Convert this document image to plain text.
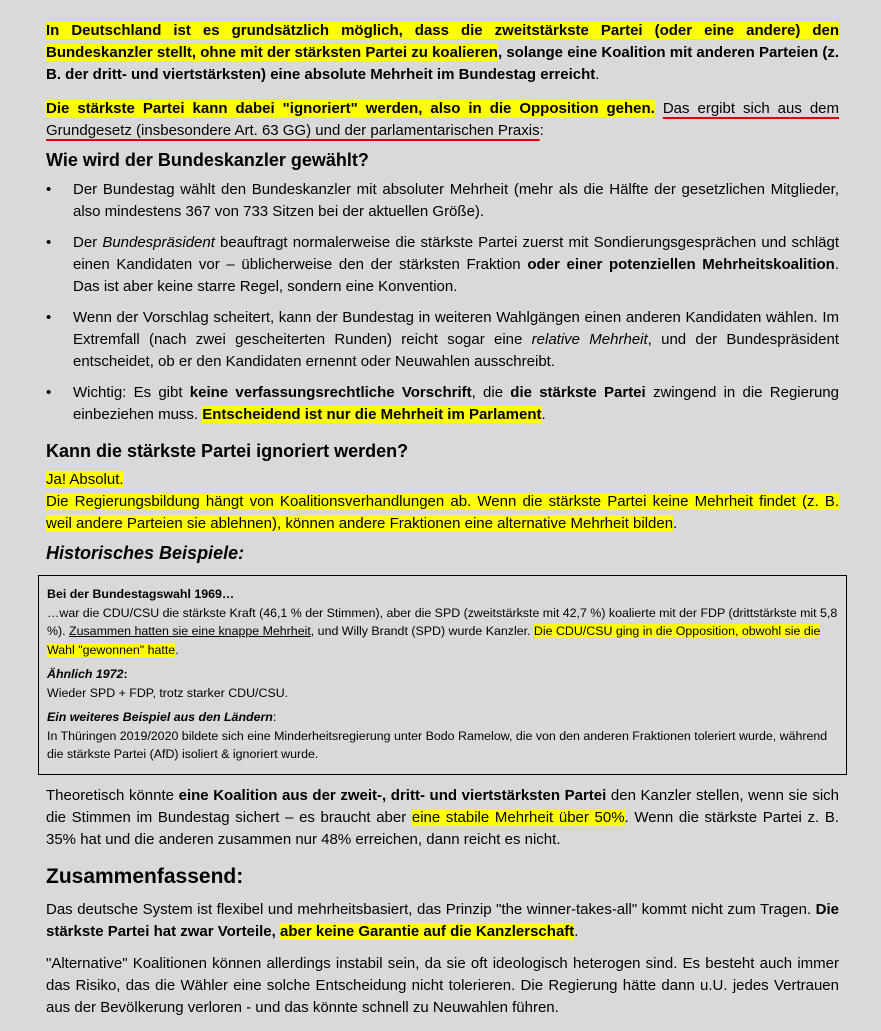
In Deutschland ist es grundsätzlich möglich, dass die zweitstärkste Partei (oder eine andere) den Bundeskanzler stellt, ohne mit der stärksten Partei zu koalieren, solange eine Koalition mit anderen Parteien (z. B. der dritt- und viertstärksten) eine absolute Mehrheit im Bundestag erreicht.

Die stärkste Partei kann dabei "ignoriert" werden, also in die Opposition gehen. Das ergibt sich aus dem Grundgesetz (insbesondere Art. 63 GG) und der parlamentarischen Praxis:

Wie wird der Bundeskanzler gewählt?
• Der Bundestag wählt den Bundeskanzler mit absoluter Mehrheit (mehr als die Hälfte der gesetzlichen Mitglieder, also mindestens 367 von 733 Sitzen bei der aktuellen Größe).
• Der Bundespräsident beauftragt normalerweise die stärkste Partei zuerst mit Sondierungsgesprächen und schlägt einen Kandidaten vor – üblicherweise den der stärksten Fraktion oder einer potenziellen Mehrheitskoalition. Das ist aber keine starre Regel, sondern eine Konvention.
• Wenn der Vorschlag scheitert, kann der Bundestag in weiteren Wahlgängen einen anderen Kandidaten wählen. Im Extremfall (nach zwei gescheiterten Runden) reicht sogar eine relative Mehrheit, und der Bundespräsident entscheidet, ob er den Kandidaten ernennt oder Neuwahlen ausschreibt.
• Wichtig: Es gibt keine verfassungsrechtliche Vorschrift, die die stärkste Partei zwingend in die Regierung einbeziehen muss. Entscheidend ist nur die Mehrheit im Parlament.
Kann die stärkste Partei ignoriert werden?

Ja! Absolut.
Die Regierungsbildung hängt von Koalitionsverhandlungen ab. Wenn die stärkste Partei keine Mehrheit findet (z. B. weil andere Parteien sie ablehnen), können andere Fraktionen eine alternative Mehrheit bilden.

Historisches Beispiele:

Bei der Bundestagswahl 1969…

…war die CDU/CSU die stärkste Kraft (46,1 % der Stimmen), aber die SPD (zweitstärkste mit 42,7 %) koalierte mit der FDP (drittstärkste mit 5,8 %). Zusammen hatten sie eine knappe Mehrheit, und Willy Brandt (SPD) wurde Kanzler. Die CDU/CSU ging in die Opposition, obwohl sie die Wahl "gewonnen" hatte.

Ähnlich 1972:

Wieder SPD + FDP, trotz starker CDU/CSU.

Ein weiteres Beispiel aus den Ländern:

In Thüringen 2019/2020 bildete sich eine Minderheitsregierung unter Bodo Ramelow, die von den anderen Fraktionen toleriert wurde, während die stärkste Partei (AfD) isoliert & ignoriert wurde.

Theoretisch könnte eine Koalition aus der zweit-, dritt- und viertstärksten Partei den Kanzler stellen, wenn sie sich die Stimmen im Bundestag sichert – es braucht aber eine stabile Mehrheit über 50%. Wenn die stärkste Partei z. B. 35% hat und die anderen zusammen nur 48% erreichen, dann reicht es nicht.

Zusammenfassend:

Das deutsche System ist flexibel und mehrheitsbasiert, das Prinzip "the winner-takes-all" kommt nicht zum Tragen. Die stärkste Partei hat zwar Vorteile, aber keine Garantie auf die Kanzlerschaft.

"Alternative" Koalitionen können allerdings instabil sein, da sie oft ideologisch heterogen sind. Es besteht auch immer das Risiko, das die Wähler eine solche Entscheidung nicht tolerieren. Die Regierung hätte dann u.U. jedes Vertrauen aus der Bevölkerung verloren - und das könnte schnell zu Neuwahlen führen.
